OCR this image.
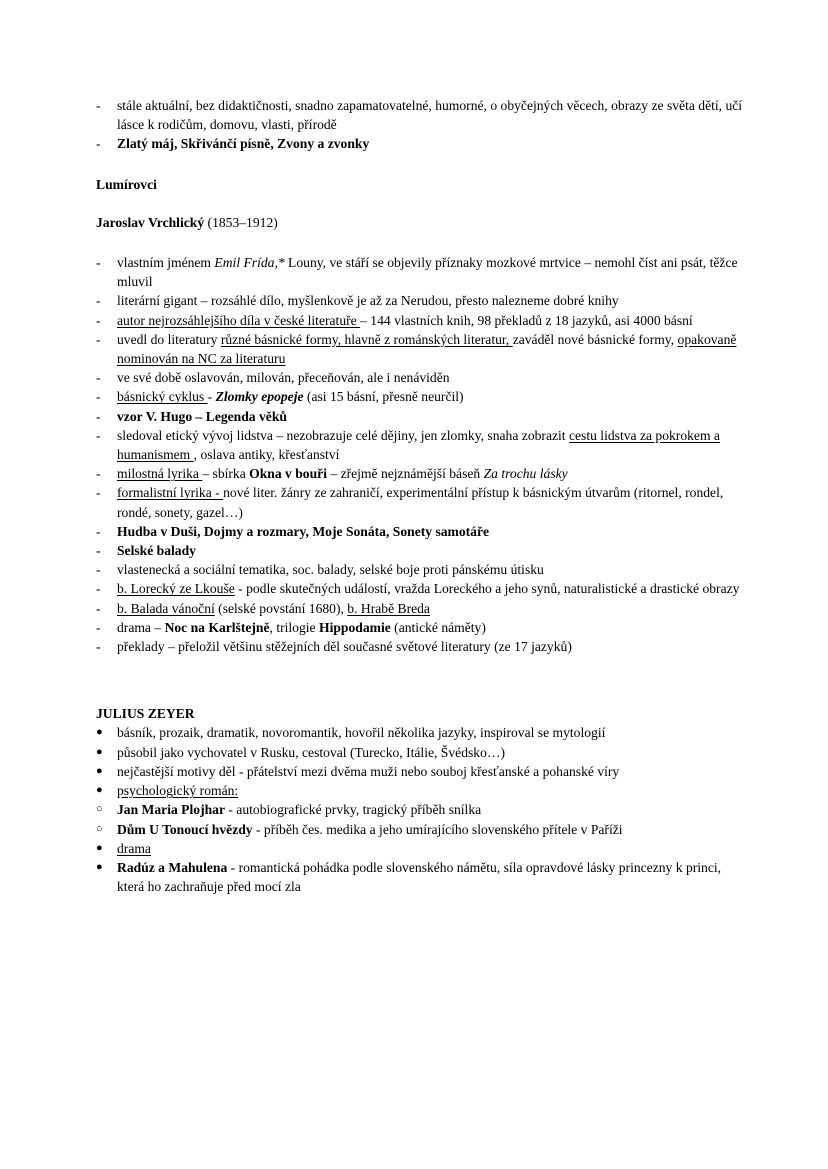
-	stále aktuální, bez didaktičnosti, snadno zapamatovatelné, humorné, o obyčejných věcech, obrazy ze světa dětí, učí lásce k rodičům, domovu, vlasti, přírodě
-	Zlatý máj, Skřivánčí písně, Zvony a zvonky

Lumírovci

Jaroslav Vrchlický (1853–1912)

-	vlastním jménem Emil Frída,* Louny, ve stáří se objevily příznaky mozkové mrtvice – nemohl číst ani psát, těžce mluvil
-	literární gigant – rozsáhlé dílo, myšlenkově je až za Nerudou, přesto nalezneme dobré knihy
-	autor nejrozsáhlejšího díla v české literatuře – 144 vlastních knih, 98 překladů z 18 jazyků, asi 4000 básní
-	uvedl do literatury různé básnické formy, hlavně z románských literatur, zaváděl nové básnické formy, opakovaně nominován na NC za literaturu
-	ve své době oslavován, milován, přeceňován, ale i nenáviděn
-	básnický cyklus - Zlomky epopeje (asi 15 básní, přesně neurčil)
-	vzor V. Hugo – Legenda věků
-	sledoval etický vývoj lidstva – nezobrazuje celé dějiny, jen zlomky, snaha zobrazit cestu lidstva za pokrokem a humanismem , oslava antiky, křesťanství
-	milostná lyrika – sbírka Okna v bouři – zřejmě nejznámější báseň Za trochu lásky
-	formalistní lyrika - nové liter. žánry ze zahraničí, experimentální přístup k básnickým útvarům (ritornel, rondel, rondé, sonety, gazel…)
-	Hudba v Duši, Dojmy a rozmary, Moje Sonáta, Sonety samotáře
-	Selské balady
-	vlastenecká a sociální tematika, soc. balady, selské boje proti pánskému útisku
-	b. Lorecký ze Lkouše - podle skutečných událostí, vražda Loreckého a jeho synů, naturalistické a drastické obrazy
-	b. Balada vánoční (selské povstání 1680), b. Hrabě Breda
-	drama – Noc na Karlštejně, trilogie Hippodamie (antické náměty)
-	překlady – přeložil většinu stěžejních děl současné světové literatury (ze 17 jazyků)

JULIUS ZEYER

●	básník, prozaik, dramatik, novoromantik, hovořil několika jazyky, inspiroval se mytologií
●	působil jako vychovatel v Rusku, cestoval (Turecko, Itálie, Švédsko…)
●	nejčastější motivy děl - přátelství mezi dvěma muži nebo souboj křesťanské a pohanské víry
●	psychologický román:
○	Jan Maria Plojhar - autobiografické prvky, tragický příběh snílka
○	Dům U Tonoucí hvězdy - příběh čes. medika a jeho umírajícího slovenského přítele v Paříži
●	drama
●	Radúz a Mahulena - romantická pohádka podle slovenského námětu, síla opravdové lásky princezny k princi, která ho zachraňuje před mocí zla
